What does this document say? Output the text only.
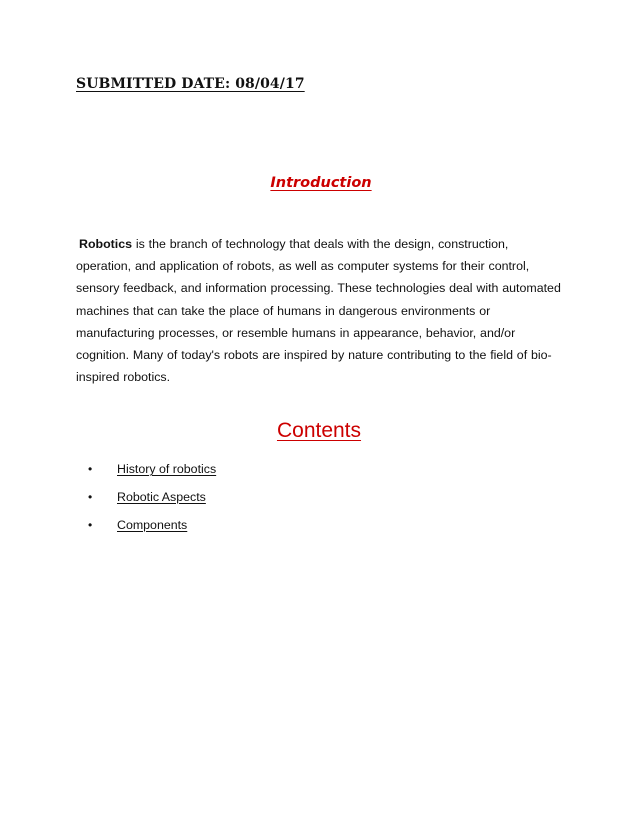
SUBMITTED DATE: 08/04/17

Introduction
Robotics is the branch of technology that deals with the design, construction,
operation, and application of robots, as well as computer systems for their control,
sensory feedback, and information processing. These technologies deal with automated
machines that can take the place of humans in dangerous environments or
manufacturing processes, or resemble humans in appearance, behavior, and/or
cognition. Many of today's robots are inspired by nature contributing to the field of bio-
inspired robotics.
Contents
•	History of robotics
•	Robotic Aspects
•	Components
